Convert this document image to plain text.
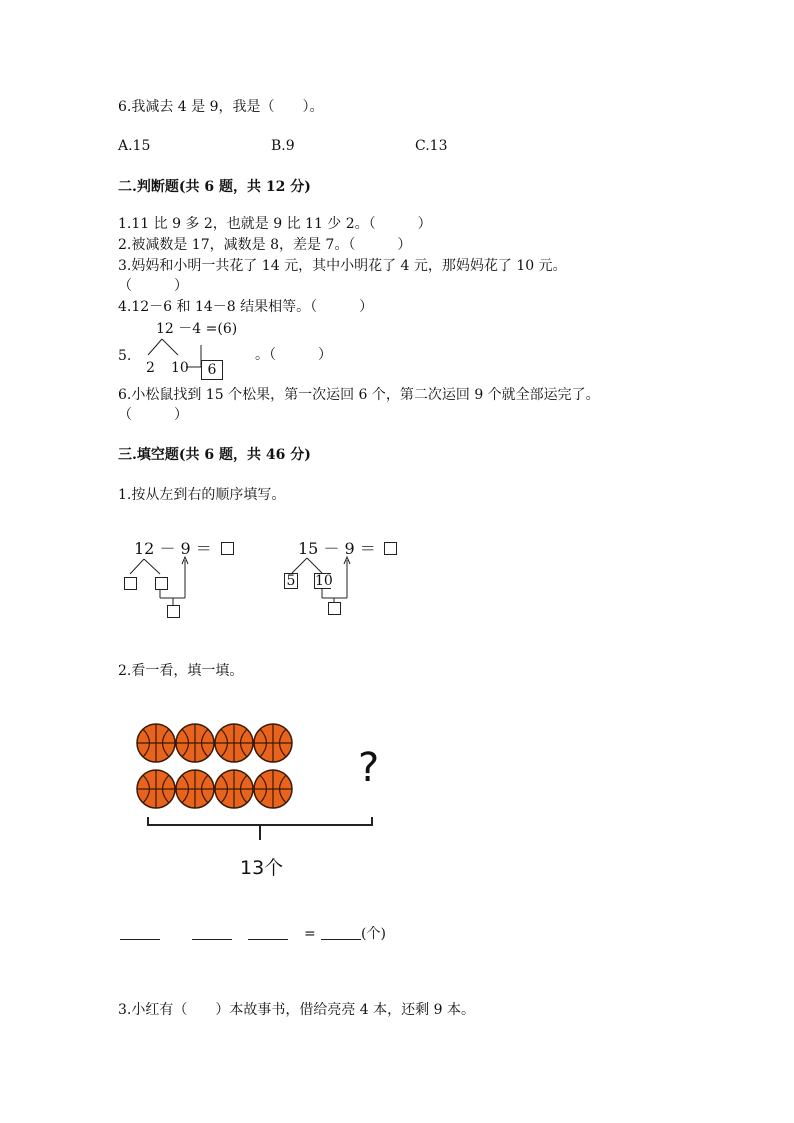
6.我减去 4 是 9，我是（　　）。
A.15	B.9	C.13
二.判断题(共 6 题，共 12 分)
1.11 比 9 多 2，也就是 9 比 11 少 2。（　　　）
2.被减数是 17，减数是 8，差是 7。（　　　）
3.妈妈和小明一共花了 14 元，其中小明花了 4 元，那妈妈花了 10 元。
（　　　）
4.12－6 和 14－8 结果相等。（　　　）
12 －4 =(6)
5.
2 10	6
。（　　　）
6.小松鼠找到 15 个松果，第一次运回 6 个，第二次运回 9 个就全部运完了。
（　　　）
三.填空题(共 6 题，共 46 分)
1.按从左到右的顺序填写。
12 － 9 ＝	15 － 9 ＝
5 10
2.看一看，填一填。
?
13个
=	(个)
3.小红有（　　）本故事书，借给亮亮 4 本，还剩 9 本。
